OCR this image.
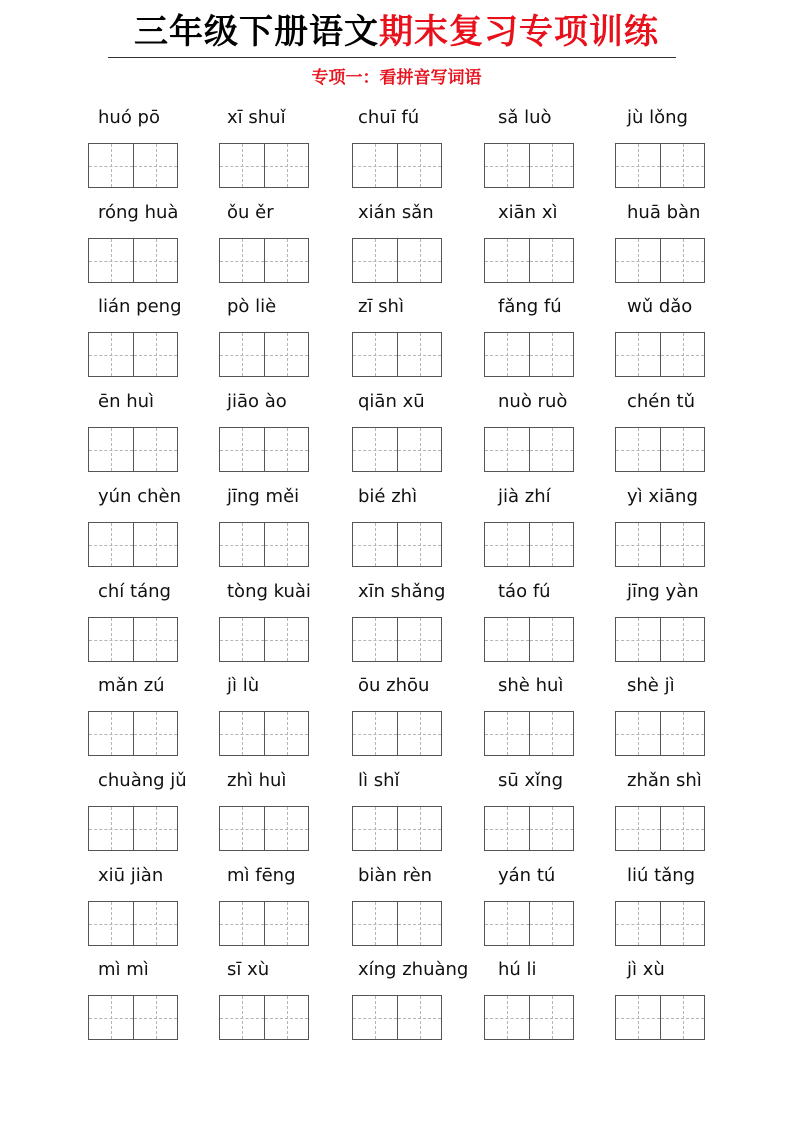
三年级下册语文期末复习专项训练
专项一：看拼音写词语
huó pō	xī shuǐ	chuī fú	sǎ luò	jù lǒng
róng huà	ǒu ěr	xián sǎn	xiān xì	huā bàn
lián peng	pò liè	zī shì	fǎng fú	wǔ dǎo
ēn huì	jiāo ào	qiān xū	nuò ruò	chén tǔ
yún chèn	jīng měi	bié zhì	jià zhí	yì xiāng
chí táng	tòng kuài	xīn shǎng	táo fú	jīng yàn
mǎn zú	jì lù	ōu zhōu	shè huì	shè jì
chuàng jǔ	zhì huì	lì shǐ	sū xǐng	zhǎn shì
xiū jiàn	mì fēng	biàn rèn	yán tú	liú tǎng
mì mì	sī xù	xíng zhuàng	hú li	jì xù
